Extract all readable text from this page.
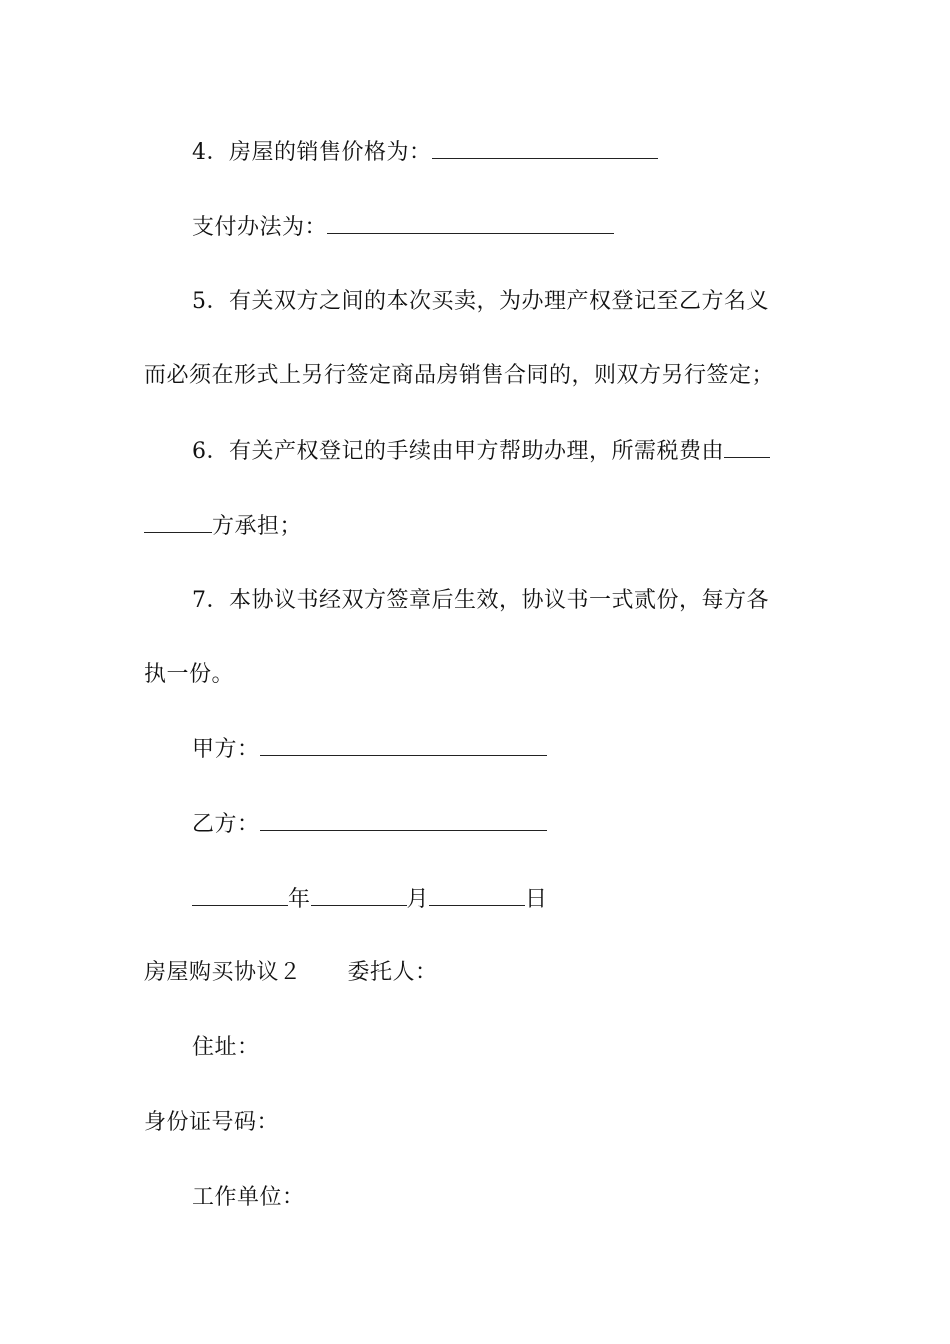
4．房屋的销售价格为：
支付办法为：
5．有关双方之间的本次买卖，为办理产权登记至乙方名义
而必须在形式上另行签定商品房销售合同的，则双方另行签定；
6．有关产权登记的手续由甲方帮助办理，所需税费由
方承担；
7．本协议书经双方签章后生效，协议书一式贰份，每方各
执一份。
甲方：
乙方：
年	月	日
房屋购买协议２ 委托人：
住址：
身份证号码：
工作单位：
